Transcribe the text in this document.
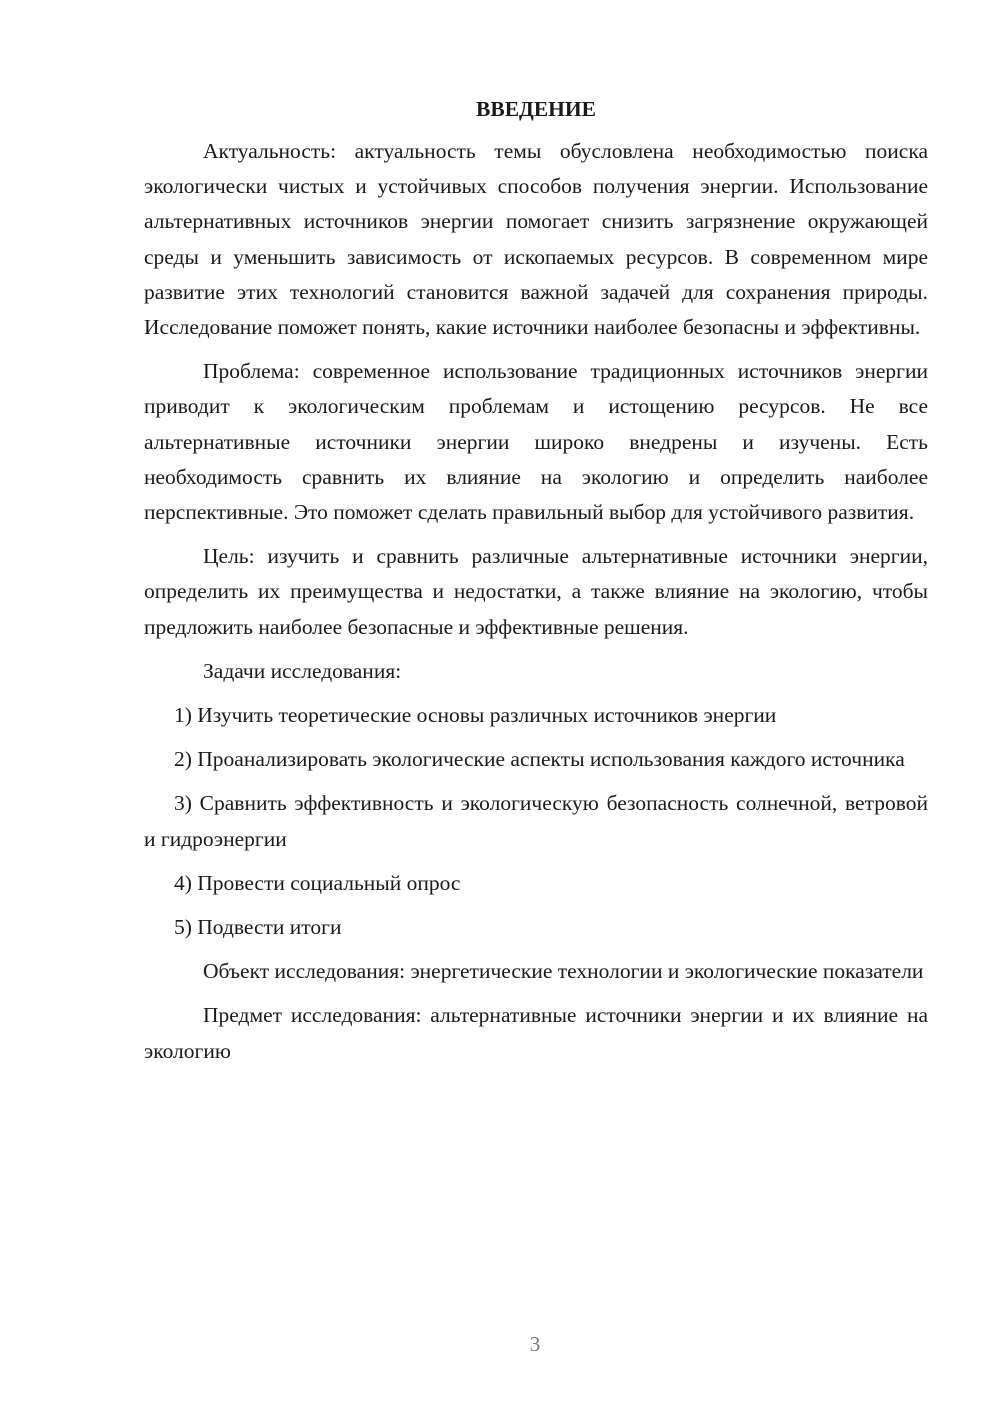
ВВЕДЕНИЕ

Актуальность: актуальность темы обусловлена необходимостью поиска экологически чистых и устойчивых способов получения энергии. Использование альтернативных источников энергии помогает снизить загрязнение окружающей среды и уменьшить зависимость от ископаемых ресурсов. В современном мире развитие этих технологий становится важной задачей для сохранения природы. Исследование поможет понять, какие источники наиболее безопасны и эффективны.

Проблема: современное использование традиционных источников энергии приводит к экологическим проблемам и истощению ресурсов. Не все альтернативные источники энергии широко внедрены и изучены. Есть необходимость сравнить их влияние на экологию и определить наиболее перспективные. Это поможет сделать правильный выбор для устойчивого развития.

Цель: изучить и сравнить различные альтернативные источники энергии, определить их преимущества и недостатки, а также влияние на экологию, чтобы предложить наиболее безопасные и эффективные решения.

Задачи исследования:

1) Изучить теоретические основы различных источников энергии

2) Проанализировать экологические аспекты использования каждого источника

3) Сравнить эффективность и экологическую безопасность солнечной, ветровой и гидроэнергии

4) Провести социальный опрос

5) Подвести итоги

Объект исследования: энергетические технологии и экологические показатели

Предмет исследования: альтернативные источники энергии и их влияние на экологию

3
